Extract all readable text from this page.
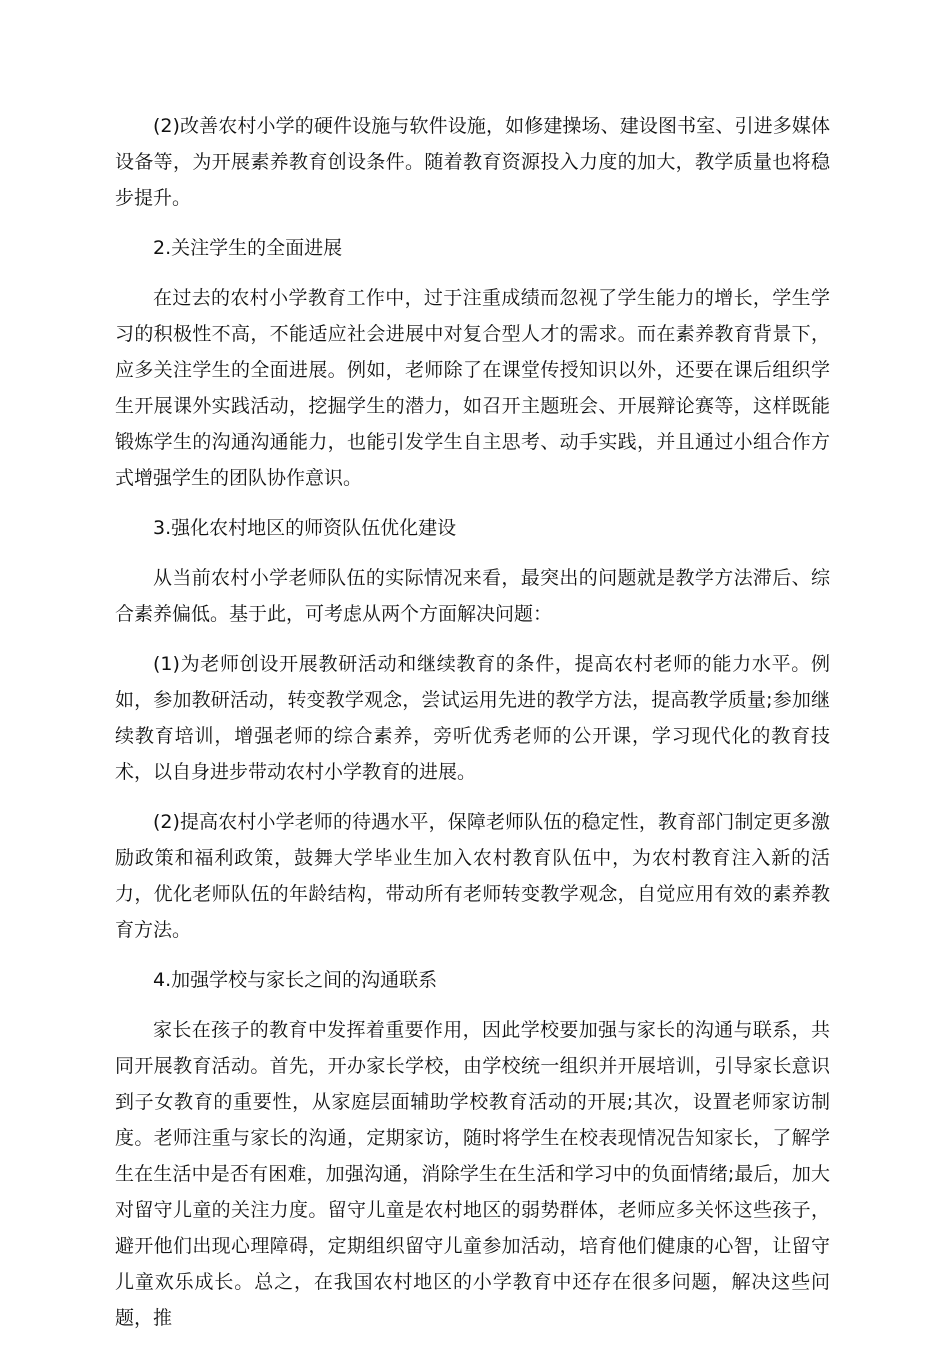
(2)改善农村小学的硬件设施与软件设施，如修建操场、建设图书室、引进多媒体设备等，为开展素养教育创设条件。随着教育资源投入力度的加大，教学质量也将稳步提升。

2.关注学生的全面进展

在过去的农村小学教育工作中，过于注重成绩而忽视了学生能力的增长，学生学习的积极性不高，不能适应社会进展中对复合型人才的需求。而在素养教育背景下，应多关注学生的全面进展。例如，老师除了在课堂传授知识以外，还要在课后组织学生开展课外实践活动，挖掘学生的潜力，如召开主题班会、开展辩论赛等，这样既能锻炼学生的沟通沟通能力，也能引发学生自主思考、动手实践，并且通过小组合作方式增强学生的团队协作意识。

3.强化农村地区的师资队伍优化建设

从当前农村小学老师队伍的实际情况来看，最突出的问题就是教学方法滞后、综合素养偏低。基于此，可考虑从两个方面解决问题：

(1)为老师创设开展教研活动和继续教育的条件，提高农村老师的能力水平。例如，参加教研活动，转变教学观念，尝试运用先进的教学方法，提高教学质量;参加继续教育培训，增强老师的综合素养，旁听优秀老师的公开课，学习现代化的教育技术，以自身进步带动农村小学教育的进展。

(2)提高农村小学老师的待遇水平，保障老师队伍的稳定性，教育部门制定更多激励政策和福利政策，鼓舞大学毕业生加入农村教育队伍中，为农村教育注入新的活力，优化老师队伍的年龄结构，带动所有老师转变教学观念，自觉应用有效的素养教育方法。

4.加强学校与家长之间的沟通联系

家长在孩子的教育中发挥着重要作用，因此学校要加强与家长的沟通与联系，共同开展教育活动。首先，开办家长学校，由学校统一组织并开展培训，引导家长意识到子女教育的重要性，从家庭层面辅助学校教育活动的开展;其次，设置老师家访制度。老师注重与家长的沟通，定期家访，随时将学生在校表现情况告知家长，了解学生在生活中是否有困难，加强沟通，消除学生在生活和学习中的负面情绪;最后，加大对留守儿童的关注力度。留守儿童是农村地区的弱势群体，老师应多关怀这些孩子，避开他们出现心理障碍，定期组织留守儿童参加活动，培育他们健康的心智，让留守儿童欢乐成长。总之，在我国农村地区的小学教育中还存在很多问题，解决这些问题，推
